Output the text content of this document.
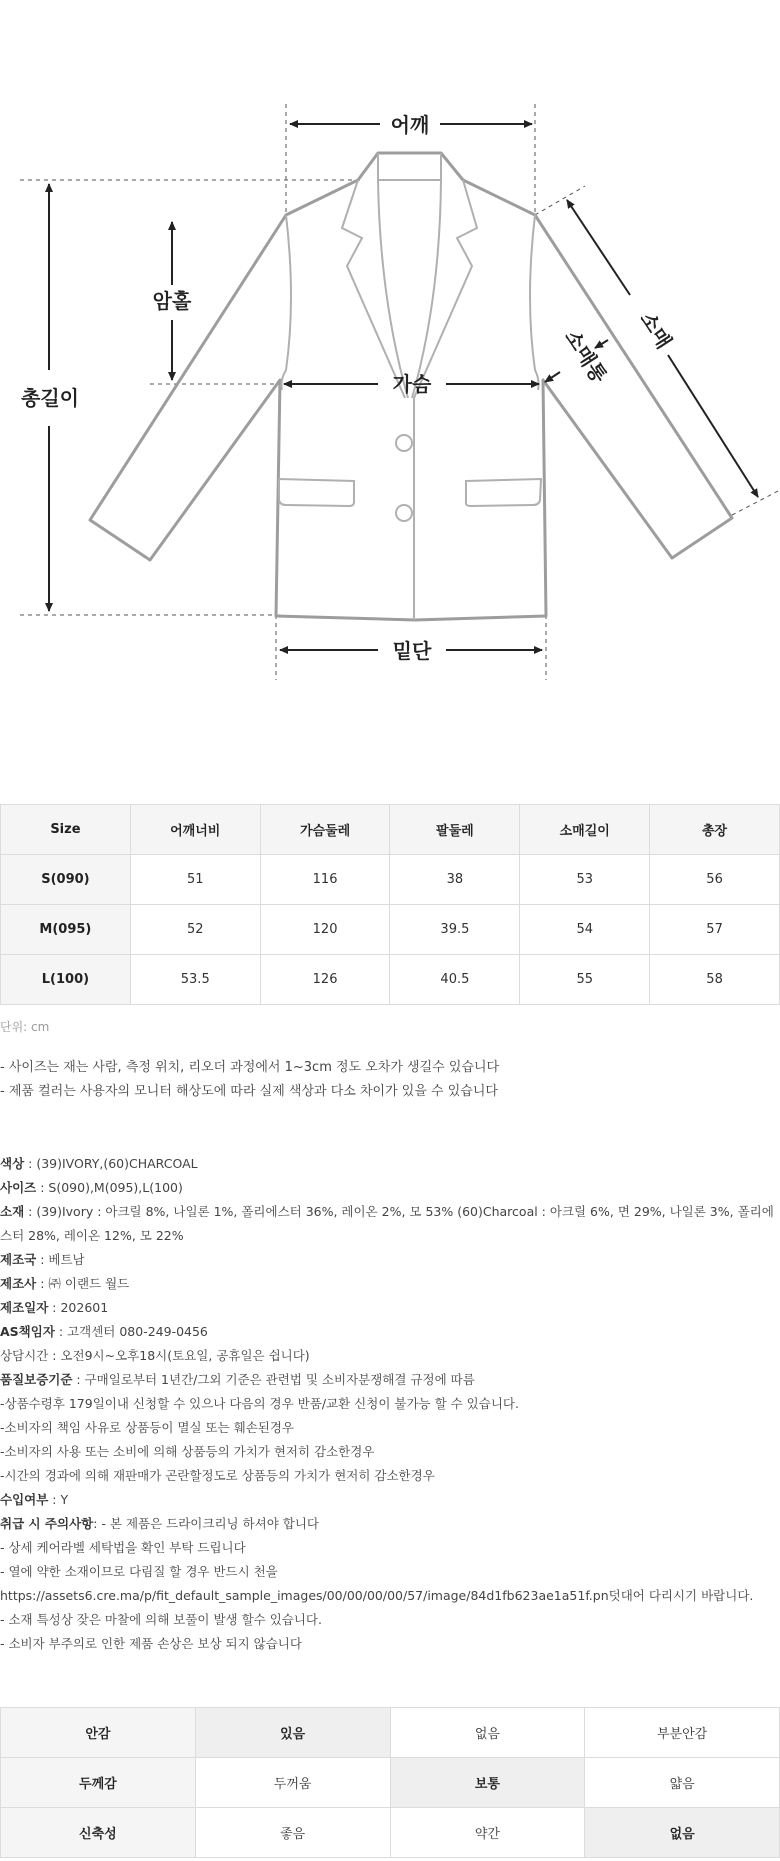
어깨
총길이
암홀
가슴
밑단
소매
소매통
Size	어깨너비	가슴둘레	팔둘레	소매길이	총장
S(090)	51	116	38	53	56
M(095)	52	120	39.5	54	57
L(100)	53.5	126	40.5	55	58
단위: cm
- 사이즈는 재는 사람, 측정 위치, 리오더 과정에서 1~3cm 정도 오차가 생길수 있습니다
- 제품 컬러는 사용자의 모니터 해상도에 따라 실제 색상과 다소 차이가 있을 수 있습니다
색상 : (39)IVORY,(60)CHARCOAL
사이즈 : S(090),M(095),L(100)
소재 : (39)Ivory : 아크릴 8%, 나일론 1%, 폴리에스터 36%, 레이온 2%, 모 53% (60)Charcoal : 아크릴 6%, 면 29%, 나일론 3%, 폴리에스터 28%, 레이온 12%, 모 22%
제조국 : 베트남
제조사 : ㈜ 이랜드 월드
제조일자 : 202601
AS책임자 : 고객센터 080-249-0456
상담시간 : 오전9시~오후18시(토요일, 공휴일은 쉽니다)
품질보증기준 : 구매일로부터 1년간/그외 기준은 관련법 및 소비자분쟁해결 규정에 따름
-상품수령후 179일이내 신청할 수 있으나 다음의 경우 반품/교환 신청이 불가능 할 수 있습니다.
-소비자의 책임 사유로 상품등이 멸실 또는 훼손된경우
-소비자의 사용 또는 소비에 의해 상품등의 가치가 현저히 감소한경우
-시간의 경과에 의해 재판매가 곤란할정도로 상품등의 가치가 현저히 감소한경우
수입여부 : Y
취급 시 주의사항: - 본 제품은 드라이크리닝 하셔야 합니다
- 상세 케어라벨 세탁법을 확인 부탁 드립니다
- 열에 약한 소재이므로 다림질 할 경우 반드시 천을
https://assets6.cre.ma/p/fit_default_sample_images/00/00/00/00/57/image/84d1fb623ae1a51f.pn덧대어 다리시기 바랍니다.
- 소재 특성상 잦은 마찰에 의해 보풀이 발생 할수 있습니다.
- 소비자 부주의로 인한 제품 손상은 보상 되지 않습니다
안감	있음	없음	부분안감
두께감	두꺼움	보통	얇음
신축성	좋음	약간	없음
